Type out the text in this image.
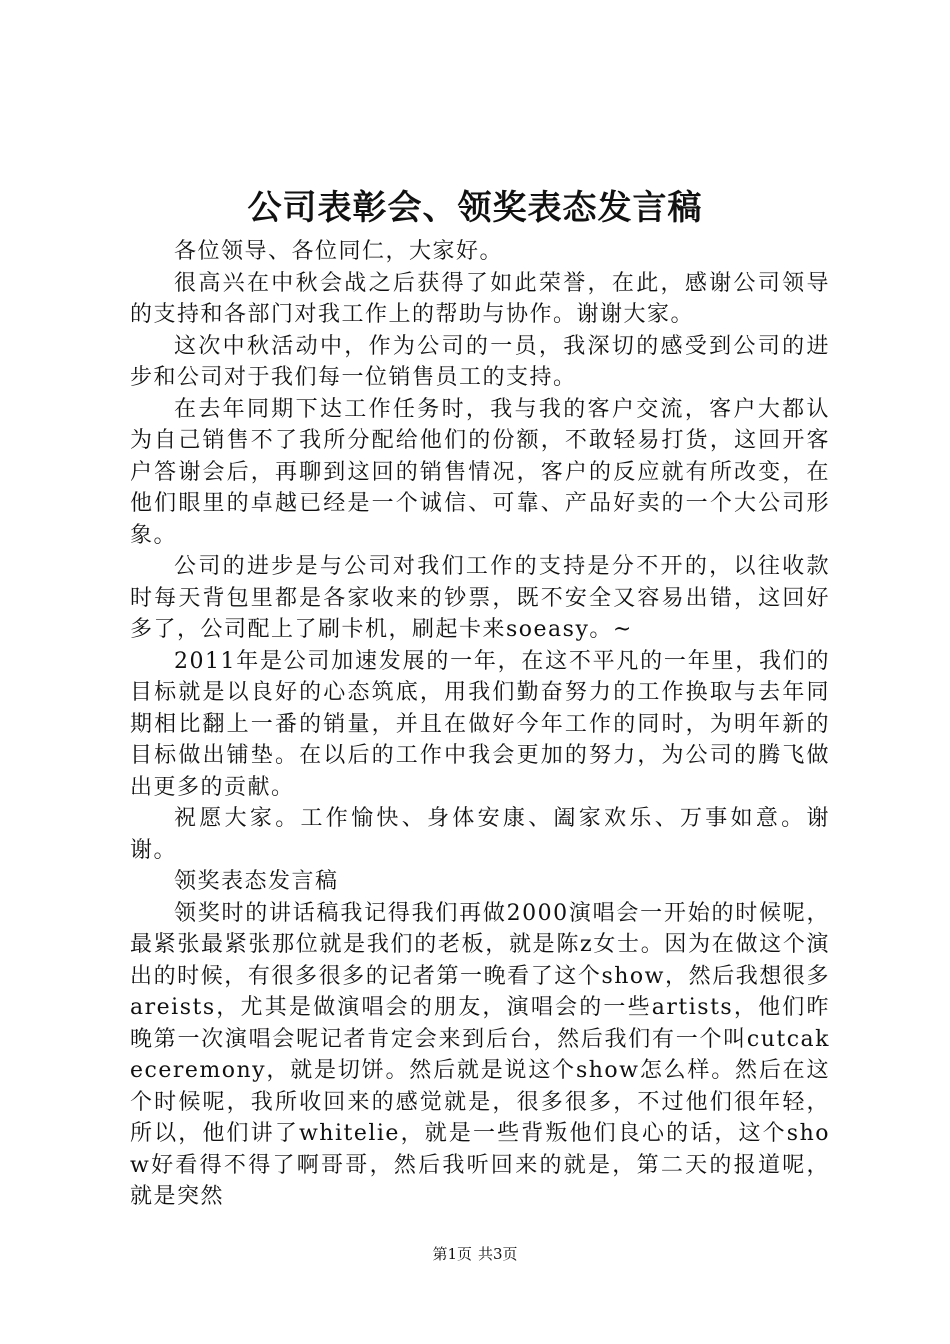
公司表彰会、领奖表态发言稿

各位领导、各位同仁，大家好。

很高兴在中秋会战之后获得了如此荣誉，在此，感谢公司领导的支持和各部门对我工作上的帮助与协作。谢谢大家。

这次中秋活动中，作为公司的一员，我深切的感受到公司的进步和公司对于我们每一位销售员工的支持。

在去年同期下达工作任务时，我与我的客户交流，客户大都认为自己销售不了我所分配给他们的份额，不敢轻易打货，这回开客户答谢会后，再聊到这回的销售情况，客户的反应就有所改变，在他们眼里的卓越已经是一个诚信、可靠、产品好卖的一个大公司形象。

公司的进步是与公司对我们工作的支持是分不开的，以往收款时每天背包里都是各家收来的钞票，既不安全又容易出错，这回好多了，公司配上了刷卡机，刷起卡来soeasy。~

2011年是公司加速发展的一年，在这不平凡的一年里，我们的目标就是以良好的心态筑底，用我们勤奋努力的工作换取与去年同期相比翻上一番的销量，并且在做好今年工作的同时，为明年新的目标做出铺垫。在以后的工作中我会更加的努力，为公司的腾飞做出更多的贡献。

祝愿大家。工作愉快、身体安康、阖家欢乐、万事如意。谢谢。

领奖表态发言稿

领奖时的讲话稿我记得我们再做2000演唱会一开始的时候呢，最紧张最紧张那位就是我们的老板，就是陈z女士。因为在做这个演出的时候，有很多很多的记者第一晚看了这个show，然后我想很多areists，尤其是做演唱会的朋友，演唱会的一些artists，他们昨晚第一次演唱会呢记者肯定会来到后台，然后我们有一个叫cutcakeceremony，就是切饼。然后就是说这个show怎么样。然后在这个时候呢，我所收回来的感觉就是，很多很多，不过他们很年轻，所以，他们讲了whitelie，就是一些背叛他们良心的话，这个show好看得不得了啊哥哥，然后我听回来的就是，第二天的报道呢，就是突然

第1页 共3页
